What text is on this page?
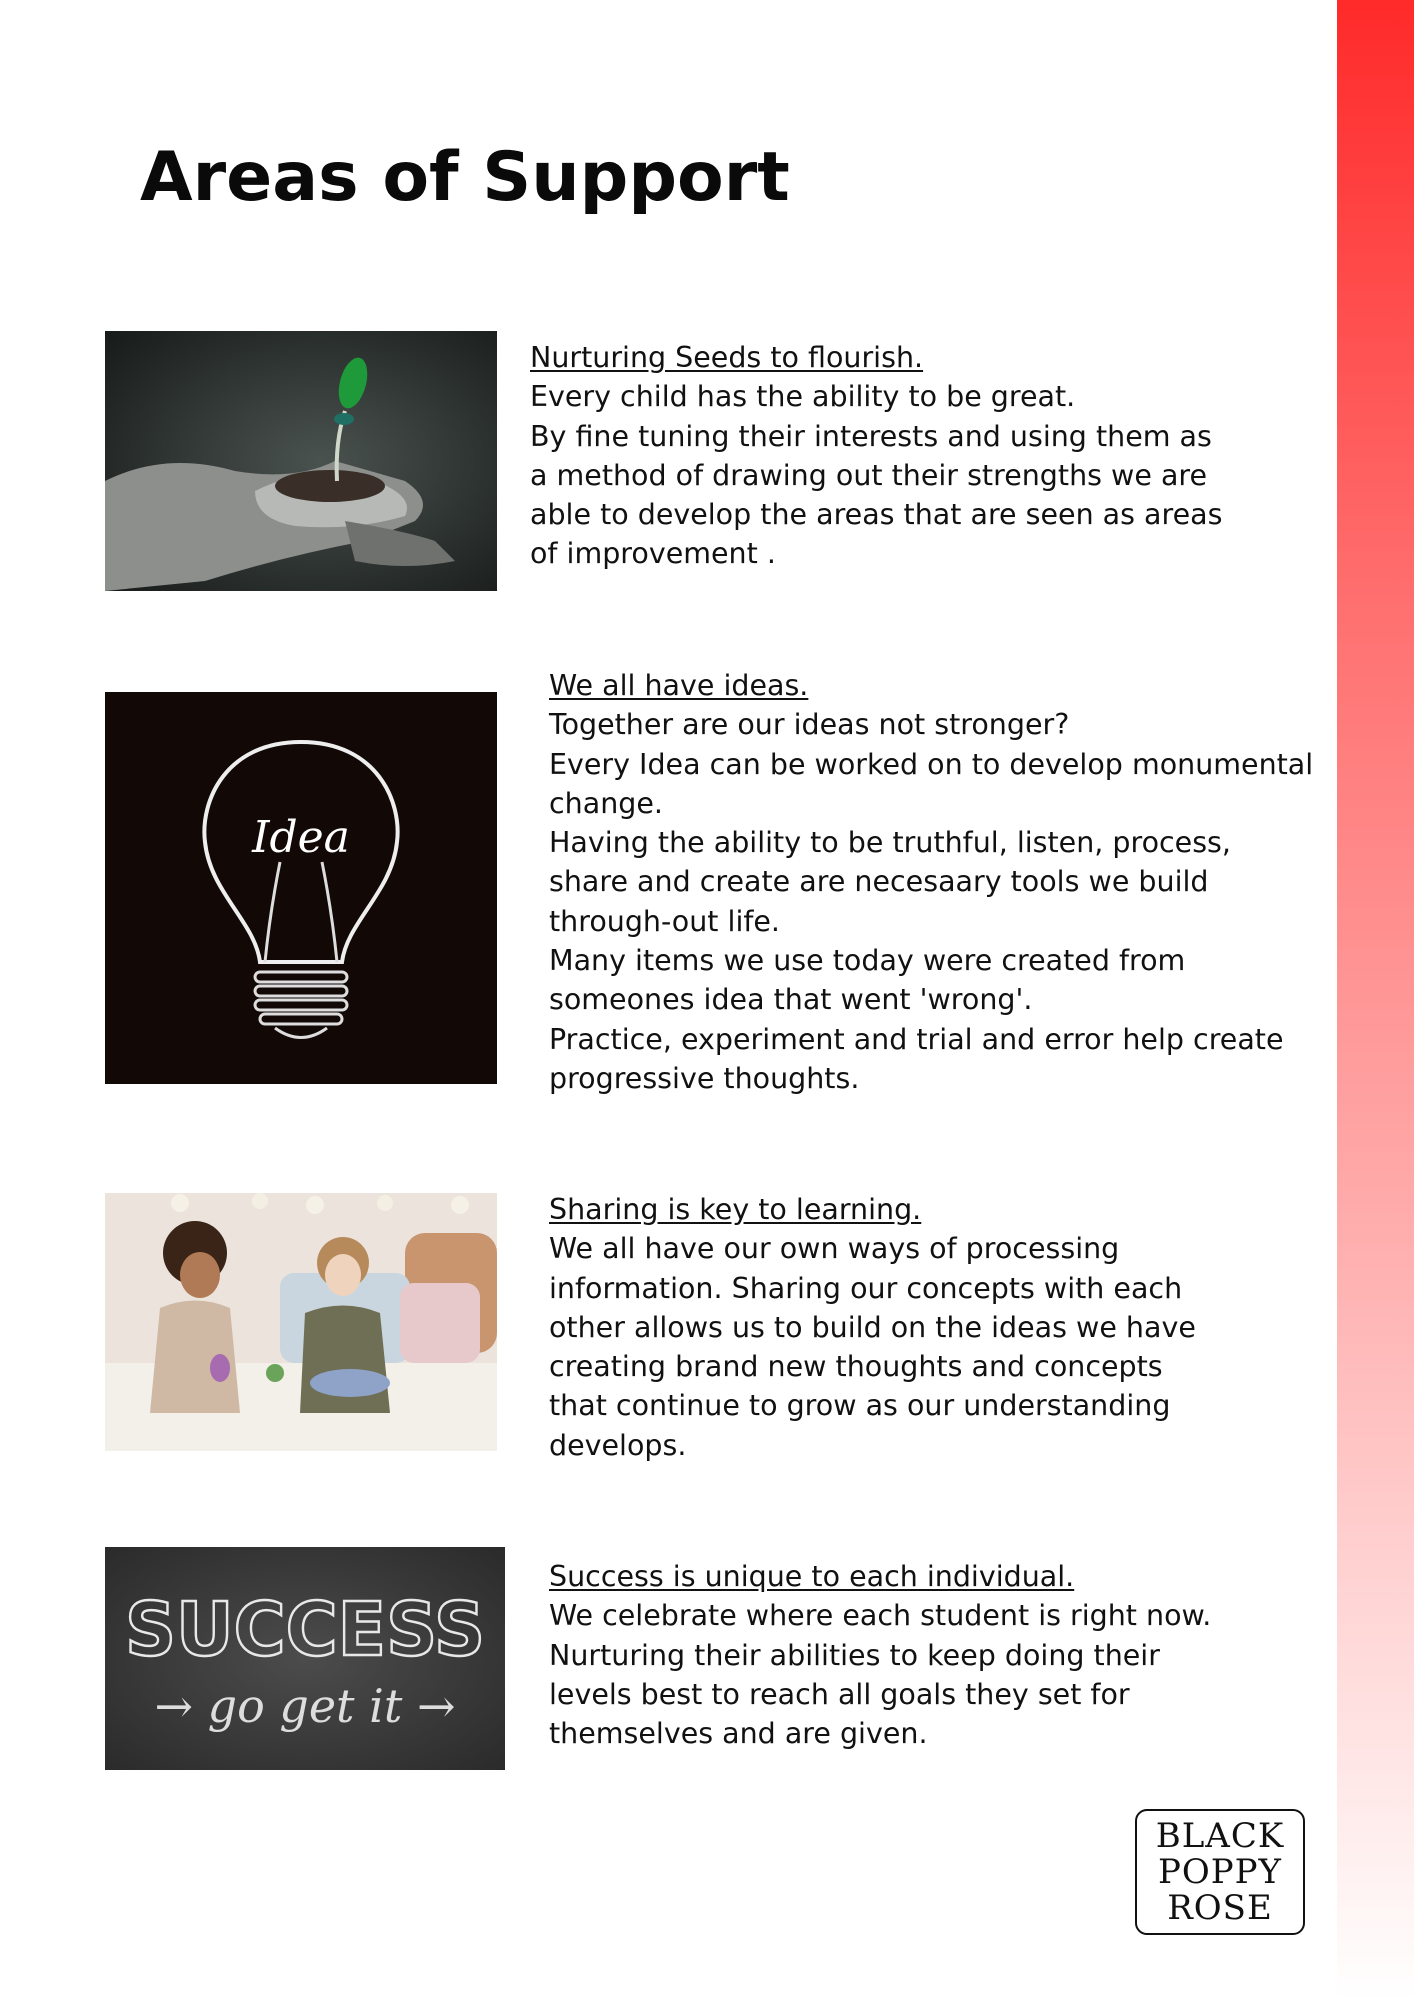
Areas of Support
Nurturing Seeds to flourish.
Every child has the ability to be great.
By fine tuning their interests and using them as
a method of drawing out their strengths we are
able to develop the areas that are seen as areas
of improvement .
Idea
We all have ideas.
Together are our ideas not stronger?
Every Idea can be worked on to develop monumental
change.
Having the ability to be truthful, listen, process,
share and create are necesaary tools we build
through-out life.
Many items we use today were created from
someones idea that went 'wrong'.
Practice, experiment and trial and error help create
progressive thoughts.
Sharing is key to learning.
We all have our own ways of processing
information. Sharing our concepts with each
other allows us to build on the ideas we have
creating brand new thoughts and concepts
that continue to grow as our understanding
develops.
SUCCESS
→ go get it →
Success is unique to each individual.
We celebrate where each student is right now.
Nurturing their abilities to keep doing their
levels best to reach all goals they set for
themselves and are given.
BLACK
POPPY
ROSE
